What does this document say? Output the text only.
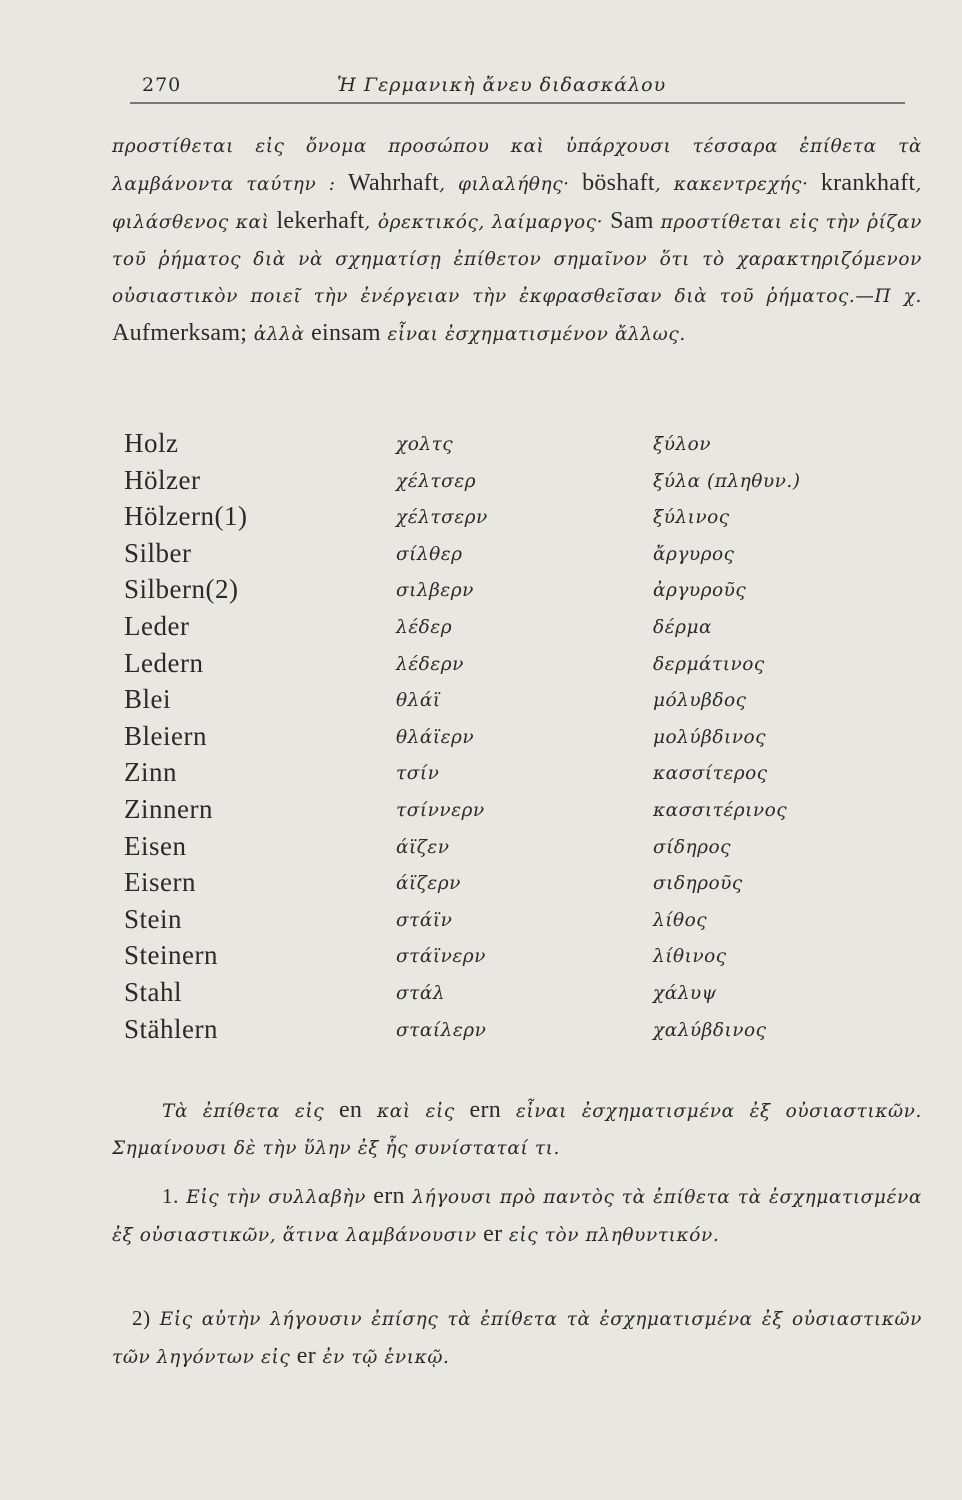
270	Ἡ Γερμανικὴ ἄνευ διδασκάλου

προστίθεται εἰς ὄνομα προσώπου καὶ ὑπάρχουσι τέσσαρα ἐπίθετα τὰ λαμβάνοντα ταύτην : Wahrhaft, φιλαλήθης· böshaft, κακεντρεχής· krankhaft, φιλάσθενος καὶ lekerhaft, ὀρεκτικός, λαίμαργος· Sam προστίθεται εἰς τὴν ῥίζαν τοῦ ῥήματος διὰ νὰ σχηματίσῃ ἐπίθετον σημαῖνον ὅτι τὸ χαρακτηριζόμενον οὐσιαστικὸν ποιεῖ τὴν ἐνέργειαν τὴν ἐκφρασθεῖσαν διὰ τοῦ ῥήματος.—Π χ. Aufmerksam; ἀλλὰ einsam εἶναι ἐσχηματισμένον ἄλλως.

Holz	χολτς	ξύλον
Hölzer	χέλτσερ	ξύλα (πληθυν.)
Hölzern(1)	χέλτσερν	ξύλινος
Silber	σίλθερ	ἄργυρος
Silbern(2)	σιλβερν	ἀργυροῦς
Leder	λέδερ	δέρμα
Ledern	λέδερν	δερμάτινος
Blei	θλάϊ	μόλυβδος
Bleiern	θλάϊερν	μολύβδινος
Zinn	τσίν	κασσίτερος
Zinnern	τσίννερν	κασσιτέρινος
Eisen	άϊζεν	σίδηρος
Eisern	άϊζερν	σιδηροῦς
Stein	στάϊν	λίθος
Steinern	στάϊνερν	λίθινος
Stahl	στάλ	χάλυψ
Stählern	σταίλερν	χαλύβδινος

Τὰ ἐπίθετα εἰς en καὶ εἰς ern εἶναι ἐσχηματισμένα ἐξ οὐσιαστικῶν. Σημαίνουσι δὲ τὴν ὕλην ἐξ ἧς συνίσταταί τι.

1. Εἰς τὴν συλλαβὴν ern λήγουσι πρὸ παντὸς τὰ ἐπίθετα τὰ ἐσχηματισμένα ἐξ οὐσιαστικῶν, ἅτινα λαμβάνουσιν er εἰς τὸν πληθυντικόν.

2) Εἰς αὐτὴν λήγουσιν ἐπίσης τὰ ἐπίθετα τὰ ἐσχηματισμένα ἐξ οὐσιαστικῶν τῶν ληγόντων εἰς er ἐν τῷ ἑνικῷ.
